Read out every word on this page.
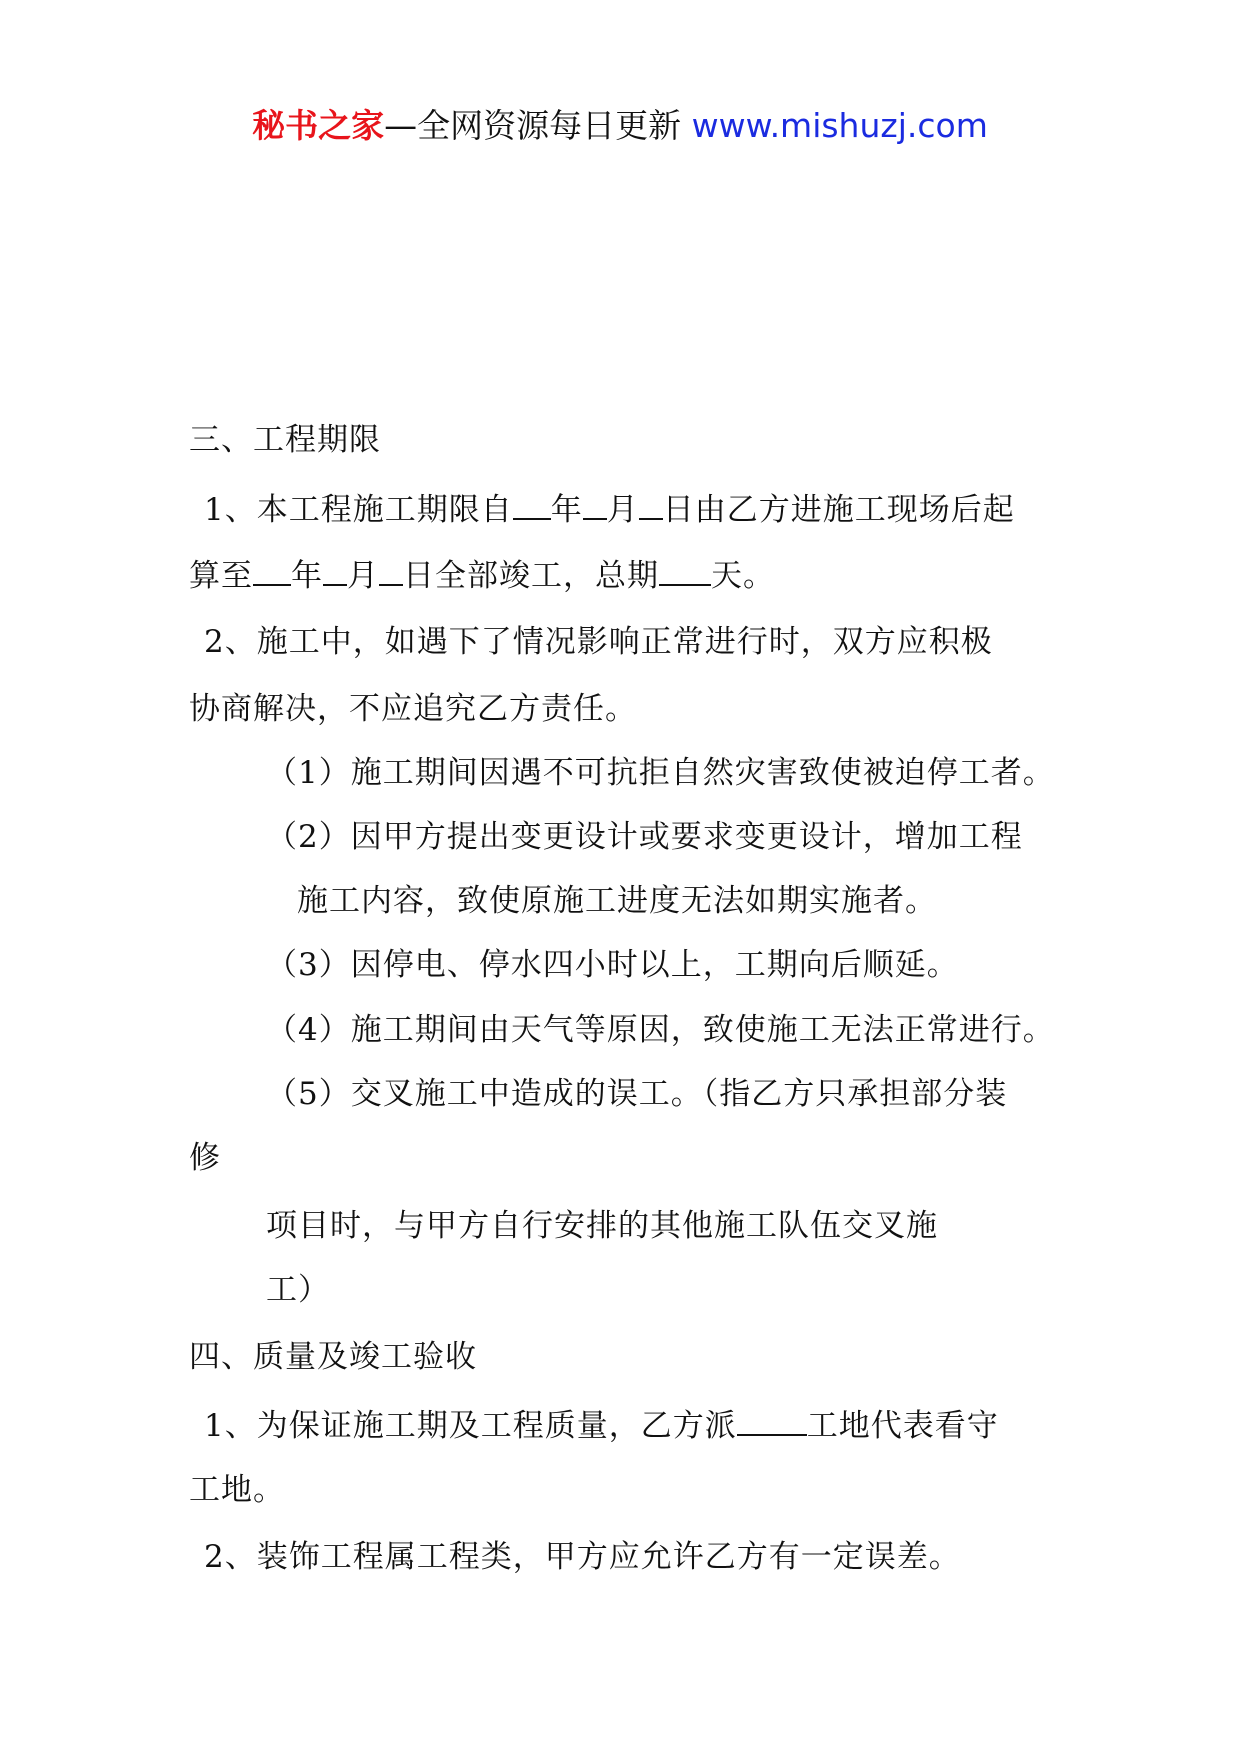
秘书之家—全网资源每日更新 www.mishuzj.com
三、工程期限
1、本工程施工期限自 年 月 日由乙方进施工现场后起
算至 年 月 日全部竣工，总期 天。
2、施工中，如遇下了情况影响正常进行时，双方应积极
协商解决，不应追究乙方责任。
（1）施工期间因遇不可抗拒自然灾害致使被迫停工者。
（2）因甲方提出变更设计或要求变更设计，增加工程
施工内容，致使原施工进度无法如期实施者。
（3）因停电、停水四小时以上，工期向后顺延。
（4）施工期间由天气等原因，致使施工无法正常进行。
（5）交叉施工中造成的误工。（指乙方只承担部分装
修
项目时，与甲方自行安排的其他施工队伍交叉施
工）
四、质量及竣工验收
1、为保证施工期及工程质量，乙方派 工地代表看守
工地。
2、装饰工程属工程类，甲方应允许乙方有一定误差。
